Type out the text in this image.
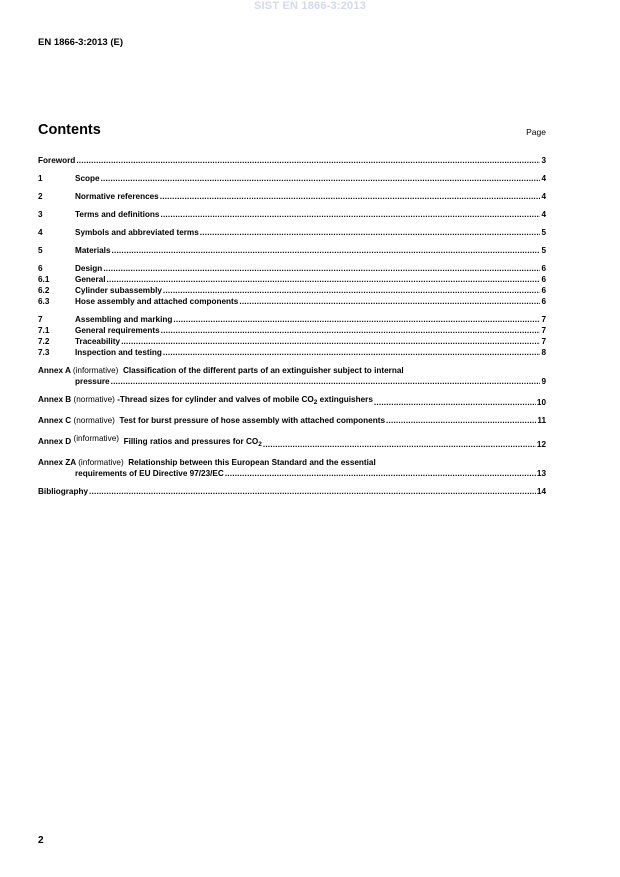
SIST EN 1866-3:2013
EN 1866-3:2013 (E)
Contents	Page
Foreword .....	3
1	Scope .....	4
2	Normative references .....	4
3	Terms and definitions .....	4
4	Symbols and abbreviated terms .....	5
5	Materials .....	5
6	Design .....	6
6.1	General .....	6
6.2	Cylinder subassembly .....	6
6.3	Hose assembly and attached components .....	6
7	Assembling and marking .....	7
7.1	General requirements .....	7
7.2	Traceability .....	7
7.3	Inspection and testing .....	8
Annex A (informative) Classification of the different parts of an extinguisher subject to internal
pressure .....	9
Annex B (normative) -Thread sizes for cylinder and valves of mobile $CO_2$ extinguishers .....	10
Annex C (normative) Test for burst pressure of hose assembly with attached components .....	11
Annex D (informative) Filling ratios and pressures for $CO_2$ .....	12
Annex ZA (informative) Relationship between this European Standard and the essential
requirements of EU Directive 97/23/EC .....	13
Bibliography .....	14
2
